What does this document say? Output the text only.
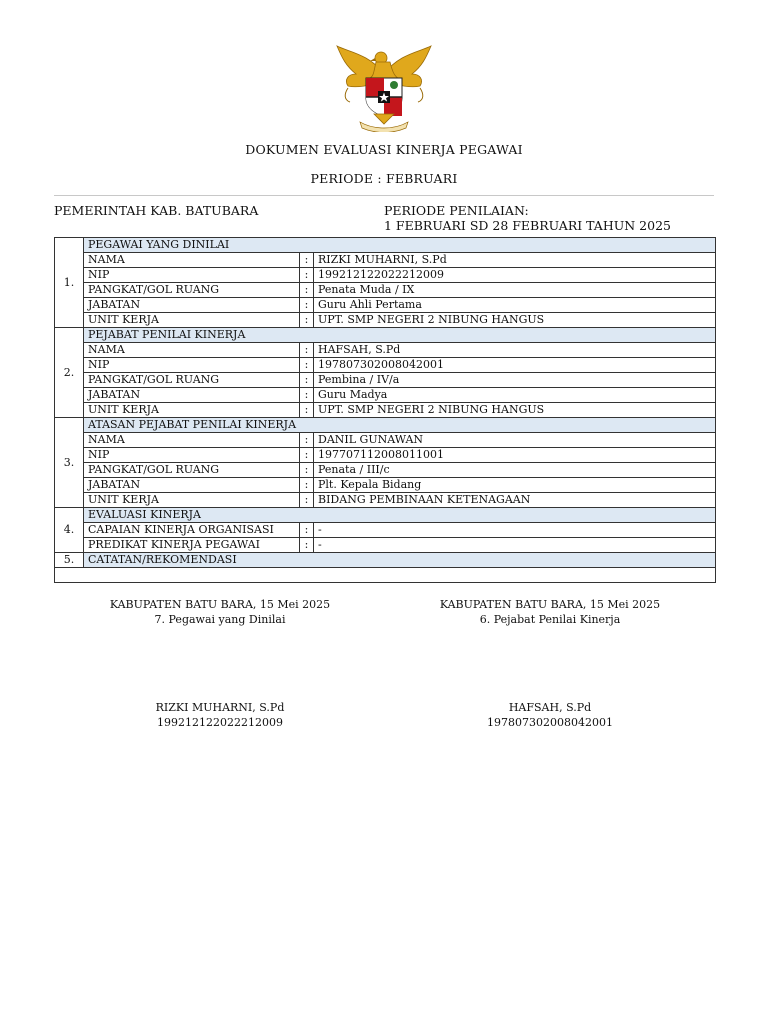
DOKUMEN EVALUASI KINERJA PEGAWAI
PERIODE : FEBRUARI
PEMERINTAH KAB. BATUBARA	PERIODE PENILAIAN:
1 FEBRUARI SD 28 FEBRUARI TAHUN 2025
1.	PEGAWAI YANG DINILAI		
	NAMA	:	RIZKI MUHARNI, S.Pd
	NIP	:	199212122022212009
	PANGKAT/GOL RUANG	:	Penata Muda / IX
	JABATAN	:	Guru Ahli Pertama
	UNIT KERJA	:	UPT. SMP NEGERI 2 NIBUNG HANGUS
2.	PEJABAT PENILAI KINERJA		
	NAMA	:	HAFSAH, S.Pd
	NIP	:	197807302008042001
	PANGKAT/GOL RUANG	:	Pembina / IV/a
	JABATAN	:	Guru Madya
	UNIT KERJA	:	UPT. SMP NEGERI 2 NIBUNG HANGUS
3.	ATASAN PEJABAT PENILAI KINERJA		
	NAMA	:	DANIL GUNAWAN
	NIP	:	197707112008011001
	PANGKAT/GOL RUANG	:	Penata / III/c
	JABATAN	:	Plt. Kepala Bidang
	UNIT KERJA	:	BIDANG PEMBINAAN KETENAGAAN
4.	EVALUASI KINERJA		
	CAPAIAN KINERJA ORGANISASI	:	-
	PREDIKAT KINERJA PEGAWAI	:	-
5.	CATATAN/REKOMENDASI		

KABUPATEN BATU BARA, 15 Mei 2025
7. Pegawai yang Dinilai
KABUPATEN BATU BARA, 15 Mei 2025
6. Pejabat Penilai Kinerja
RIZKI MUHARNI, S.Pd
199212122022212009
HAFSAH, S.Pd
197807302008042001
